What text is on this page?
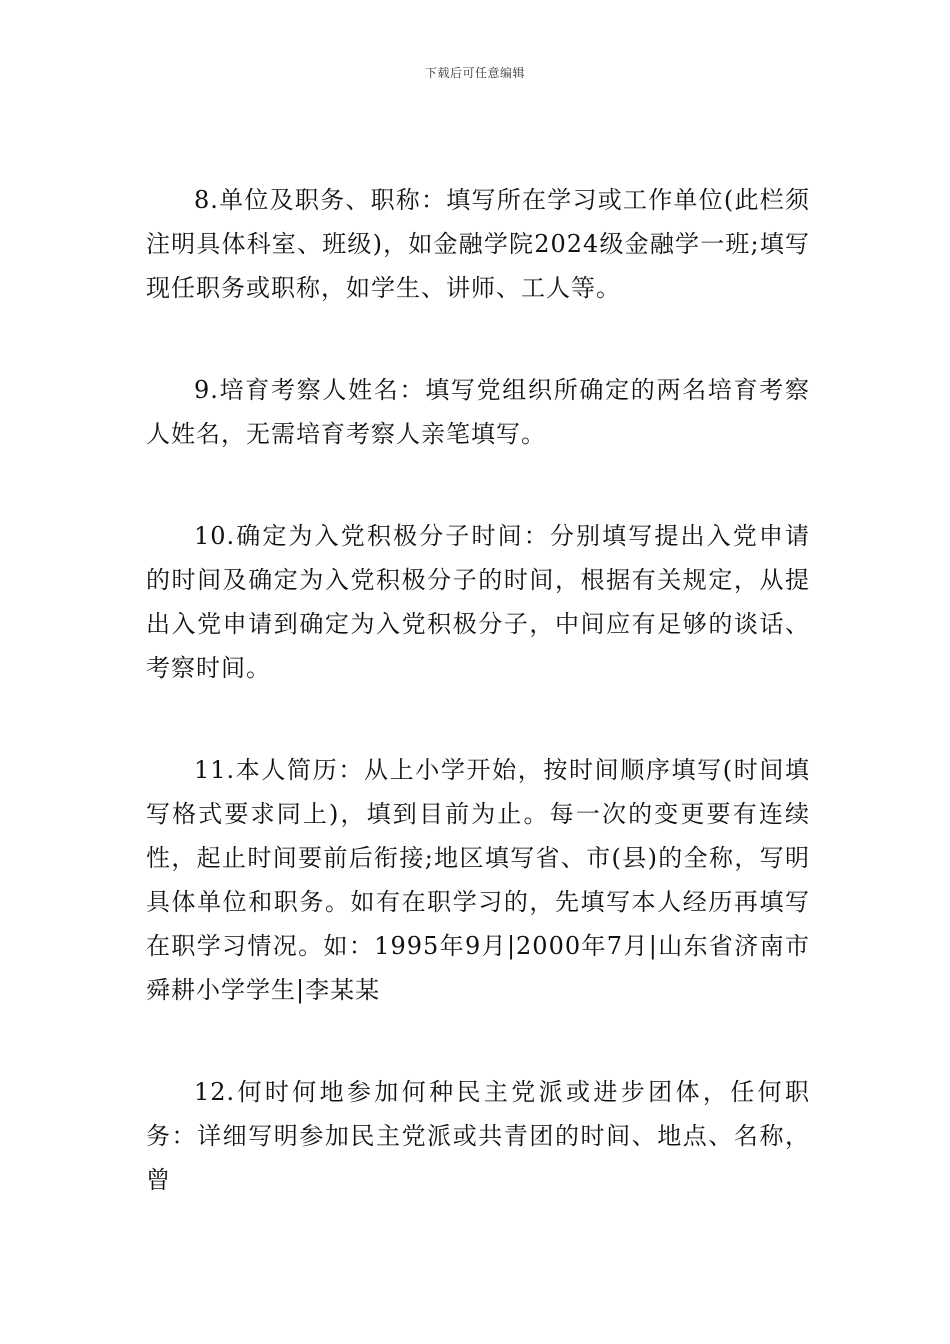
下载后可任意编辑

8.单位及职务、职称：填写所在学习或工作单位(此栏须注明具体科室、班级)，如金融学院2024级金融学一班;填写现任职务或职称，如学生、讲师、工人等。

9.培育考察人姓名：填写党组织所确定的两名培育考察人姓名，无需培育考察人亲笔填写。

10.确定为入党积极分子时间：分别填写提出入党申请的时间及确定为入党积极分子的时间，根据有关规定，从提出入党申请到确定为入党积极分子，中间应有足够的谈话、考察时间。

11.本人简历：从上小学开始，按时间顺序填写(时间填写格式要求同上)，填到目前为止。每一次的变更要有连续性，起止时间要前后衔接;地区填写省、市(县)的全称，写明具体单位和职务。如有在职学习的，先填写本人经历再填写在职学习情况。如：1995年9月|2000年7月|山东省济南市舜耕小学学生|李某某

12.何时何地参加何种民主党派或进步团体，任何职务：详细写明参加民主党派或共青团的时间、地点、名称，曾
